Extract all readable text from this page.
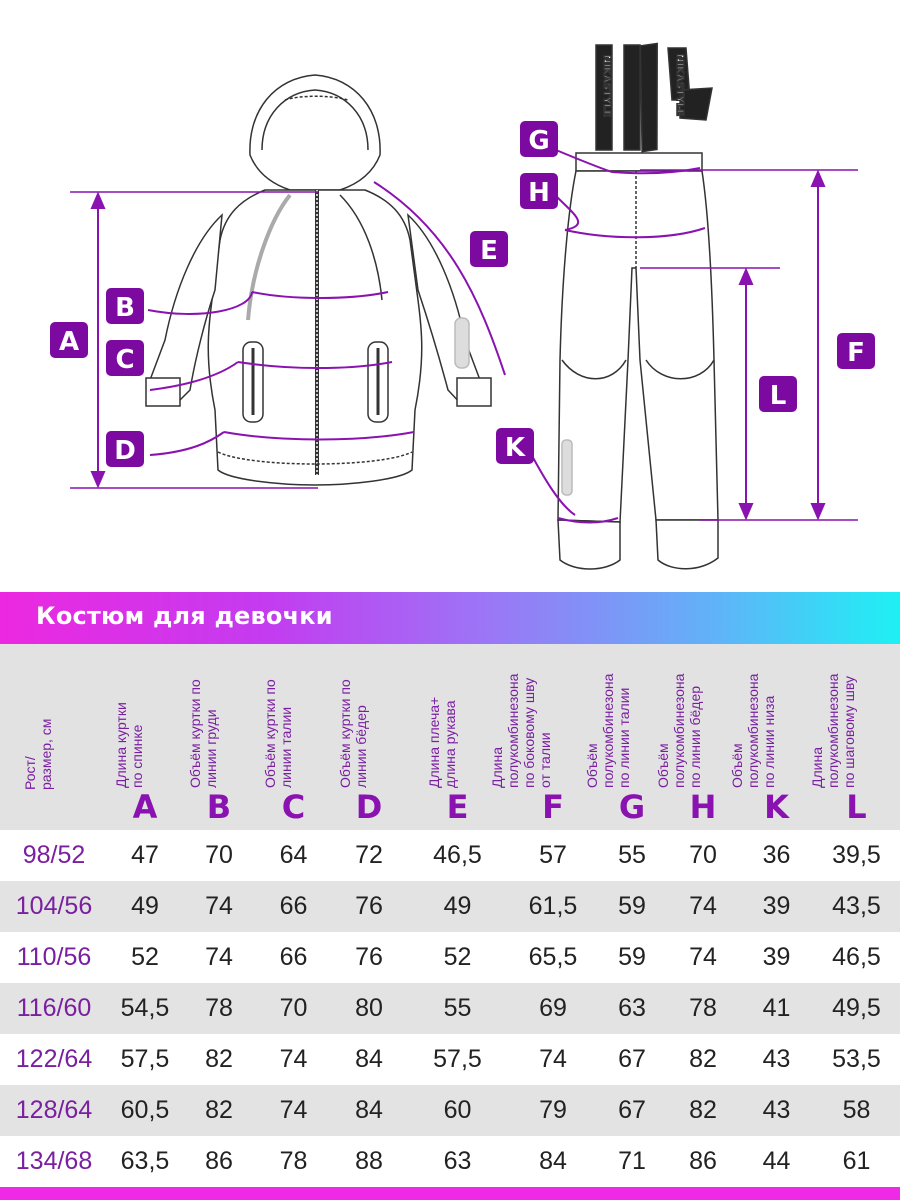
NIKASTYLE	NIKASTYLE
A
B
C
D
E
G
H
K
L
F
Костюм для девочки
Рост/
размер, см
Длина куртки
по спинке
A
Объём куртки по
линии груди
B
Объём куртки по
линии талии
C
Объём куртки по
линии бёдер
D
Длина плеча+
длина рукава
E
Длина
полукомбинезона
по боковому шву
от талии
F
Объём
полукомбинезона
по линии талии
G
Объём
полукомбинезона
по линии бёдер
H
Объём
полукомбинезона
по линии низа
K
Длина
полукомбинезона
по шаговому шву
L
98/52	47	70	64	72	46,5	57	55	70	36	39,5
104/56	49	74	66	76	49	61,5	59	74	39	43,5
110/56	52	74	66	76	52	65,5	59	74	39	46,5
116/60	54,5	78	70	80	55	69	63	78	41	49,5
122/64	57,5	82	74	84	57,5	74	67	82	43	53,5
128/64	60,5	82	74	84	60	79	67	82	43	58
134/68	63,5	86	78	88	63	84	71	86	44	61
